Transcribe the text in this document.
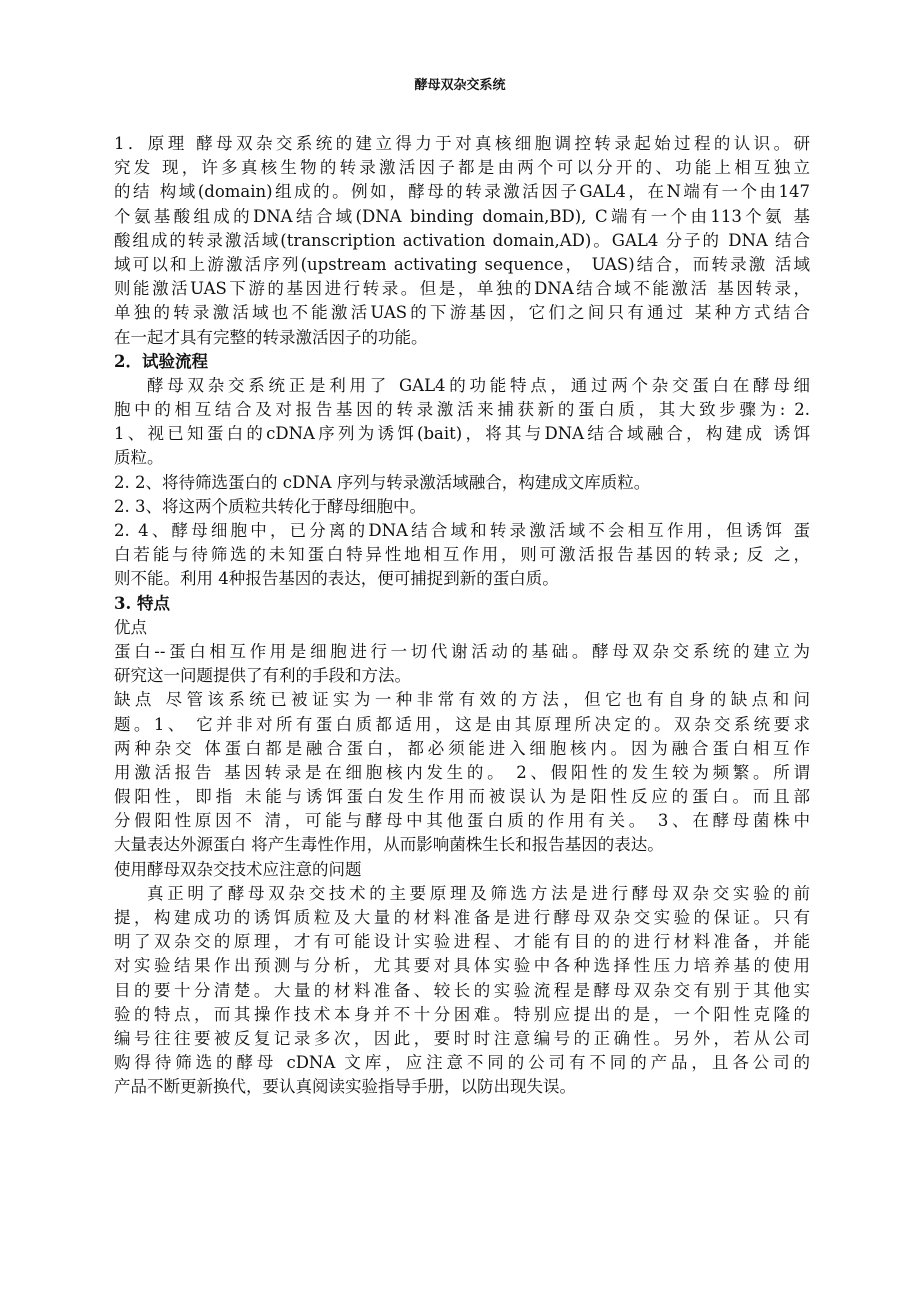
酵母双杂交系统
1．原理 酵母双杂交系统的建立得力于对真核细胞调控转录起始过程的认识。研
究发 现，许多真核生物的转录激活因子都是由两个可以分开的、功能上相互独立
的结 构域(domain)组成的。例如，酵母的转录激活因子GAL4，在N端有一个由147
个氨基酸组成的DNA结合域(DNA binding domain,BD), C端有一个由113个氨 基
酸组成的转录激活域(transcription activation domain,AD)。GAL4 分子的 DNA 结合
域可以和上游激活序列(upstream activating sequence， UAS)结合，而转录激 活域
则能激活UAS下游的基因进行转录。但是，单独的DNA结合域不能激活 基因转录，
单独的转录激活域也不能激活UAS的下游基因，它们之间只有通过 某种方式结合
在一起才具有完整的转录激活因子的功能。
2．试验流程
酵母双杂交系统正是利用了 GAL4的功能特点，通过两个杂交蛋白在酵母细
胞中的相互结合及对报告基因的转录激活来捕获新的蛋白质，其大致步骤为: 2.
1、视已知蛋白的cDNA序列为诱饵(bait)，将其与DNA结合域融合，构建成 诱饵
质粒。
2. 2、将待筛选蛋白的 cDNA 序列与转录激活域融合，构建成文库质粒。
2. 3、将这两个质粒共转化于酵母细胞中。
2. 4、酵母细胞中，已分离的DNA结合域和转录激活域不会相互作用，但诱饵 蛋
白若能与待筛选的未知蛋白特异性地相互作用，则可激活报告基因的转录; 反 之，
则不能。利用 4种报告基因的表达，便可捕捉到新的蛋白质。
3. 特点
优点
蛋白--蛋白相互作用是细胞进行一切代谢活动的基础。酵母双杂交系统的建立为
研究这一问题提供了有利的手段和方法。
缺点 尽管该系统已被证实为一种非常有效的方法，但它也有自身的缺点和问
题。1、 它并非对所有蛋白质都适用，这是由其原理所决定的。双杂交系统要求
两种杂交 体蛋白都是融合蛋白，都必须能进入细胞核内。因为融合蛋白相互作
用激活报告 基因转录是在细胞核内发生的。 2、假阳性的发生较为频繁。所谓
假阳性，即指 未能与诱饵蛋白发生作用而被误认为是阳性反应的蛋白。而且部
分假阳性原因不 清，可能与酵母中其他蛋白质的作用有关。 3、在酵母菌株中
大量表达外源蛋白 将产生毒性作用，从而影响菌株生长和报告基因的表达。
使用酵母双杂交技术应注意的问题
真正明了酵母双杂交技术的主要原理及筛选方法是进行酵母双杂交实验的前
提，构建成功的诱饵质粒及大量的材料准备是进行酵母双杂交实验的保证。只有
明了双杂交的原理，才有可能设计实验进程、才能有目的的进行材料准备，并能
对实验结果作出预测与分析，尤其要对具体实验中各种选择性压力培养基的使用
目的要十分清楚。大量的材料准备、较长的实验流程是酵母双杂交有别于其他实
验的特点，而其操作技术本身并不十分困难。特别应提出的是，一个阳性克隆的
编号往往要被反复记录多次，因此，要时时注意编号的正确性。另外，若从公司
购得待筛选的酵母 cDNA 文库，应注意不同的公司有不同的产品，且各公司的
产品不断更新换代，要认真阅读实验指导手册，以防出现失误。
